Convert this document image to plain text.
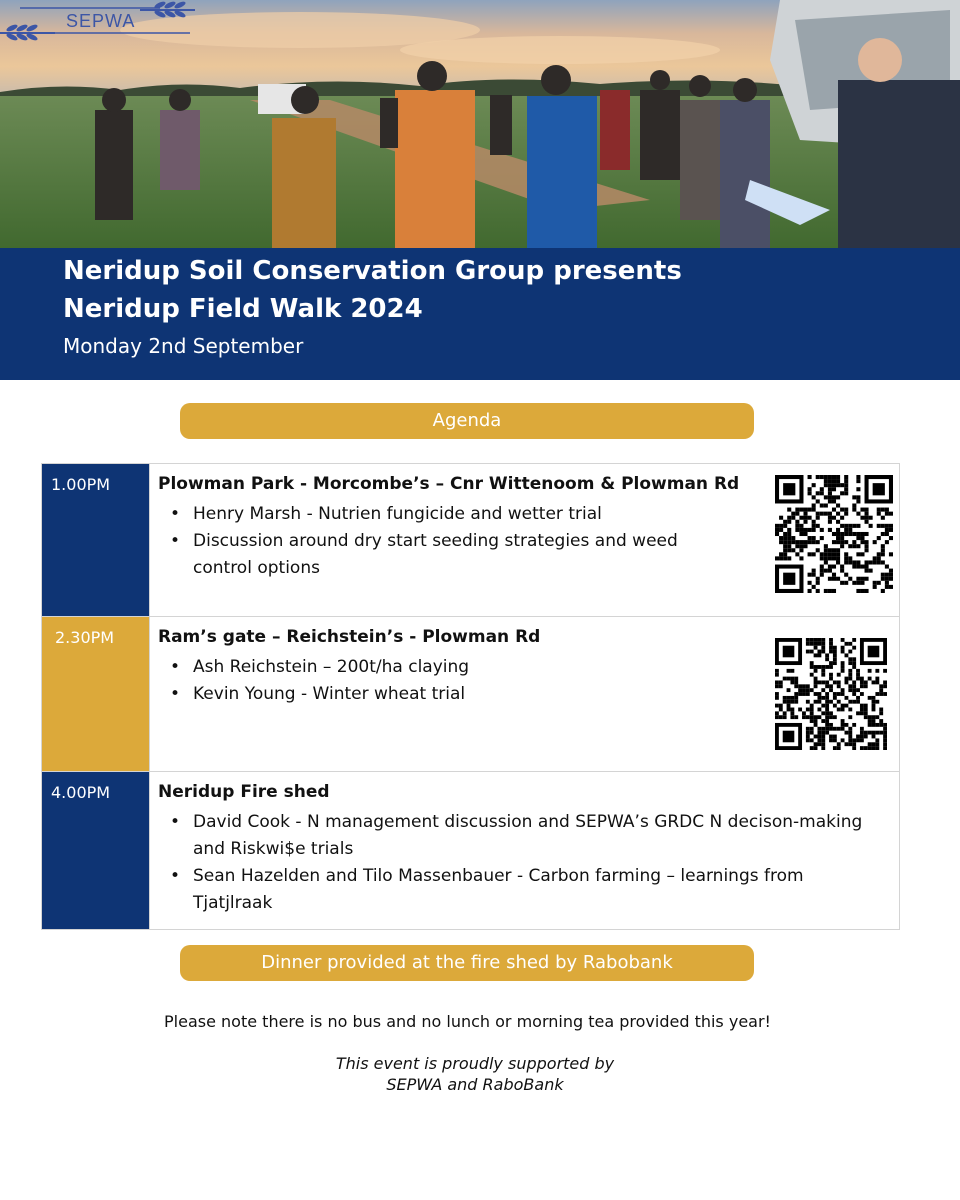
SEPWA
Neridup Soil Conservation Group presents
Neridup Field Walk 2024
Monday 2nd September
Agenda
1.00PM	Plowman Park - Morcombe’s – Cnr Wittenoom & Plowman Rd
• Henry Marsh - Nutrien fungicide and wetter trial
• Discussion around dry start seeding strategies and weed control options
2.30PM	Ram’s gate – Reichstein’s - Plowman Rd
• Ash Reichstein – 200t/ha claying
• Kevin Young - Winter wheat trial
4.00PM	Neridup Fire shed
• David Cook - N management discussion and SEPWA’s GRDC N decison-making and Riskwi$e trials
• Sean Hazelden and Tilo Massenbauer - Carbon farming – learnings from Tjatjlraak
Dinner provided at the fire shed by Rabobank
Please note there is no bus and no lunch or morning tea provided this year!
This event is proudly supported by
SEPWA and RaboBank
